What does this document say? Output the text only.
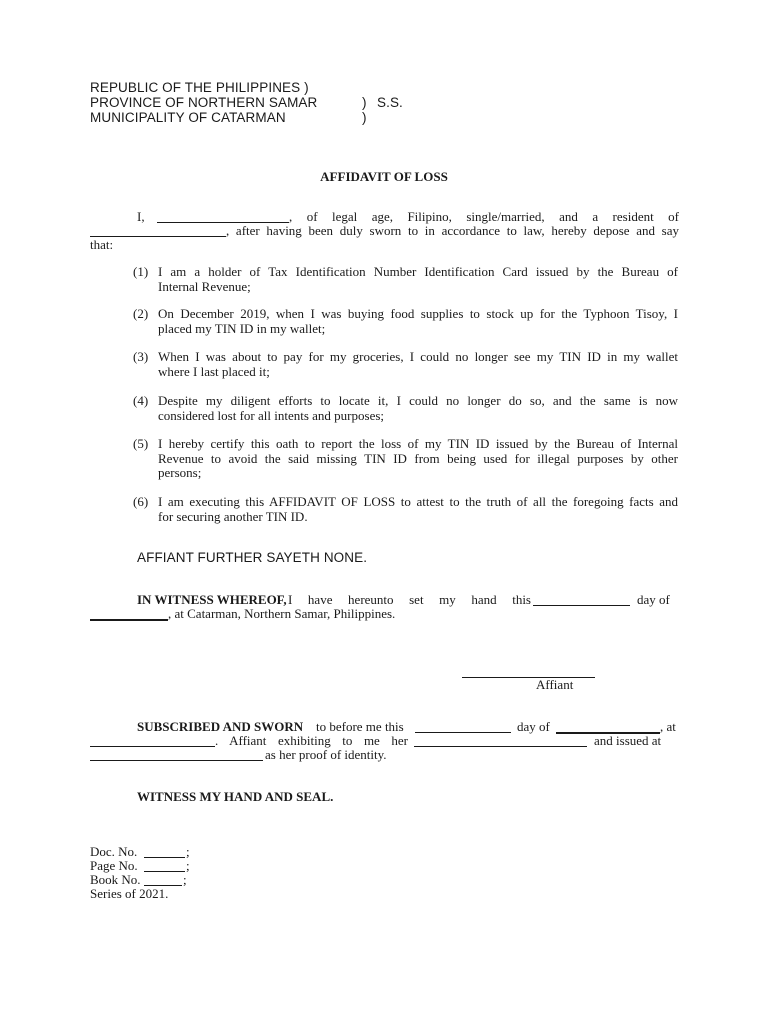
REPUBLIC OF THE PHILIPPINES )
PROVINCE OF NORTHERN SAMAR	) S.S.
MUNICIPALITY OF CATARMAN	)
AFFIDAVIT OF LOSS
I,	, of legal age, Filipino, single/married, and a resident of
, after having been duly sworn to in accordance to law, hereby depose and say
that:
(1) I am a holder of Tax Identification Number Identification Card issued by the Bureau of
Internal Revenue;
(2) On December 2019, when I was buying food supplies to stock up for the Typhoon Tisoy, I
placed my TIN ID in my wallet;
(3) When I was about to pay for my groceries, I could no longer see my TIN ID in my wallet
where I last placed it;
(4) Despite my diligent efforts to locate it, I could no longer do so, and the same is now
considered lost for all intents and purposes;
(5) I hereby certify this oath to report the loss of my TIN ID issued by the Bureau of Internal
Revenue to avoid the said missing TIN ID from being used for illegal purposes by other
persons;
(6) I am executing this AFFIDAVIT OF LOSS to attest to the truth of all the foregoing facts and
for securing another TIN ID.
AFFIANT FURTHER SAYETH NONE.
IN WITNESS WHEREOF, I have hereunto set my hand this	day of
, at Catarman, Northern Samar, Philippines.
Affiant
SUBSCRIBED AND SWORN to before me this	day of	, at
. Affiant exhibiting to me her	and issued at
as her proof of identity.
WITNESS MY HAND AND SEAL.
Doc. No.	;
Page No.	;
Book No.	;
Series of 2021.
